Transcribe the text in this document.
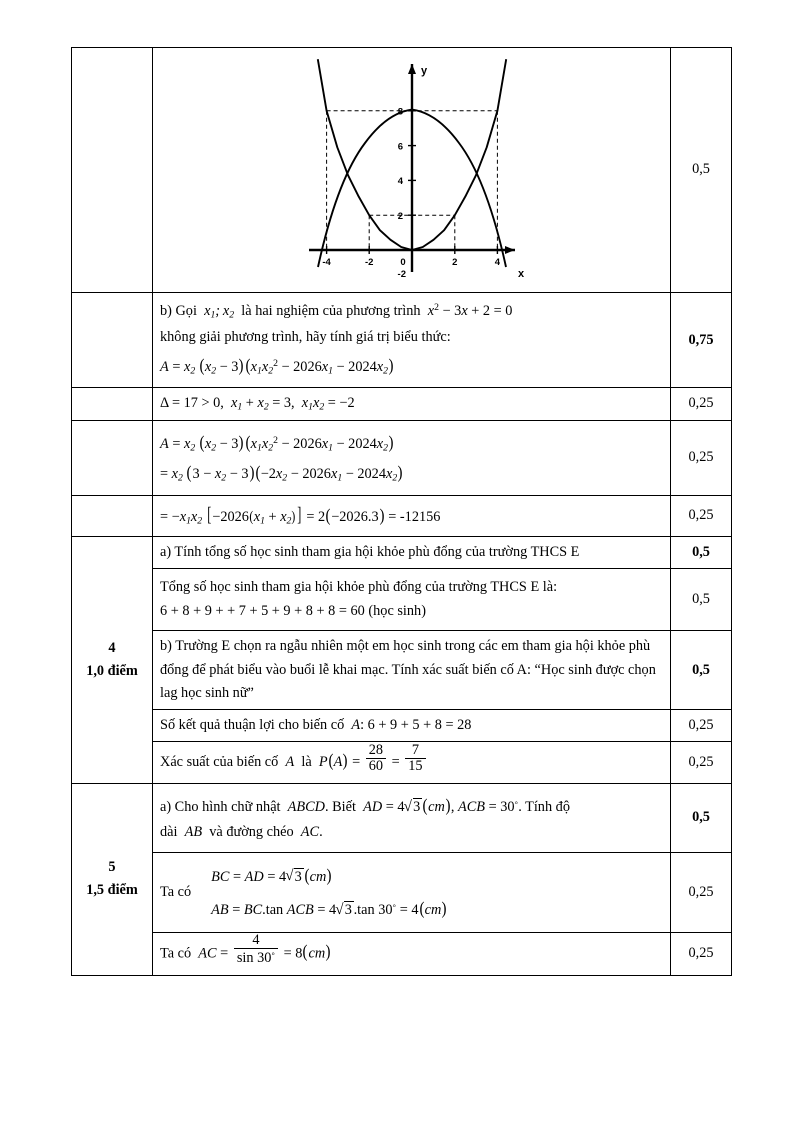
8
6
4
2
-2
-4	-2	0	2	4
y
x
	0,5

	b) Gọi  $x_1$; $x_2$ là hai nghiệm của phương trình  $x^2 - 3x + 2 = 0$
không giải phương trình, hãy tính giá trị biểu thức:
$A = x_2$ $(x_2 - 3)(x_1x_2^2 - 2026x_1 - 2024x_2)$	0,75
	Δ = 17 > 0,  $x_1 + x_2 = 3$,  $x_1x_2 = -2$	0,25

	$A = x_2$ $(x_2 - 3)(x_1x_2^2 - 2026x_1 - 2024x_2)$
= $x_2$ $(3 - x_2 - 3)(-2x_2 - 2026x_1 - 2024x_2)$	0,25
	= $-x_1x_2$ $[-2026(x_1 + x_2)] = 2(-2026.3) = -12156$	0,25

4
1,0 điểm	a) Tính tổng số học sinh tham gia hội khỏe phù đổng của trường THCS E	0,5

	Tổng số học sinh tham gia hội khỏe phù đổng của trường THCS E là:
6 + 8 + 9 + + 7 + 5 + 9 + 8 + 8 = 60 (học sinh)	0,5
	b) Trường E chọn ra ngẫu nhiên một em học sinh trong các em tham gia hội khỏe phù đổng để phát biểu vào buổi lễ khai mạc. Tính xác suất biến cố A: “Học sinh được chọn lag học sinh nữ”	0,5
	Số kết quả thuận lợi cho biến cố  A: 6 + 9 + 5 + 8 = 28	0,25
Xác suất của biến cố  A  là  $P(A) = \frac{28}{60} = \frac{7}{15}$	0,25

5
1,5 điểm

a) Cho hình chữ nhật  ABCD. Biết  AD = 4 √ 3 (cm), ACB = 30◦. Tính độ
dài  AB  và đường chéo  AC.
	0,5

	Ta có
BC = AD = 4 √ 3 (cm)
AB = BC.tan ACB = 4 √ 3 .tan 30◦ = 4(cm)	0,25
	Ta có  AC = $\frac{4}{\sin 30^◦} = 8(cm)$	0,25
